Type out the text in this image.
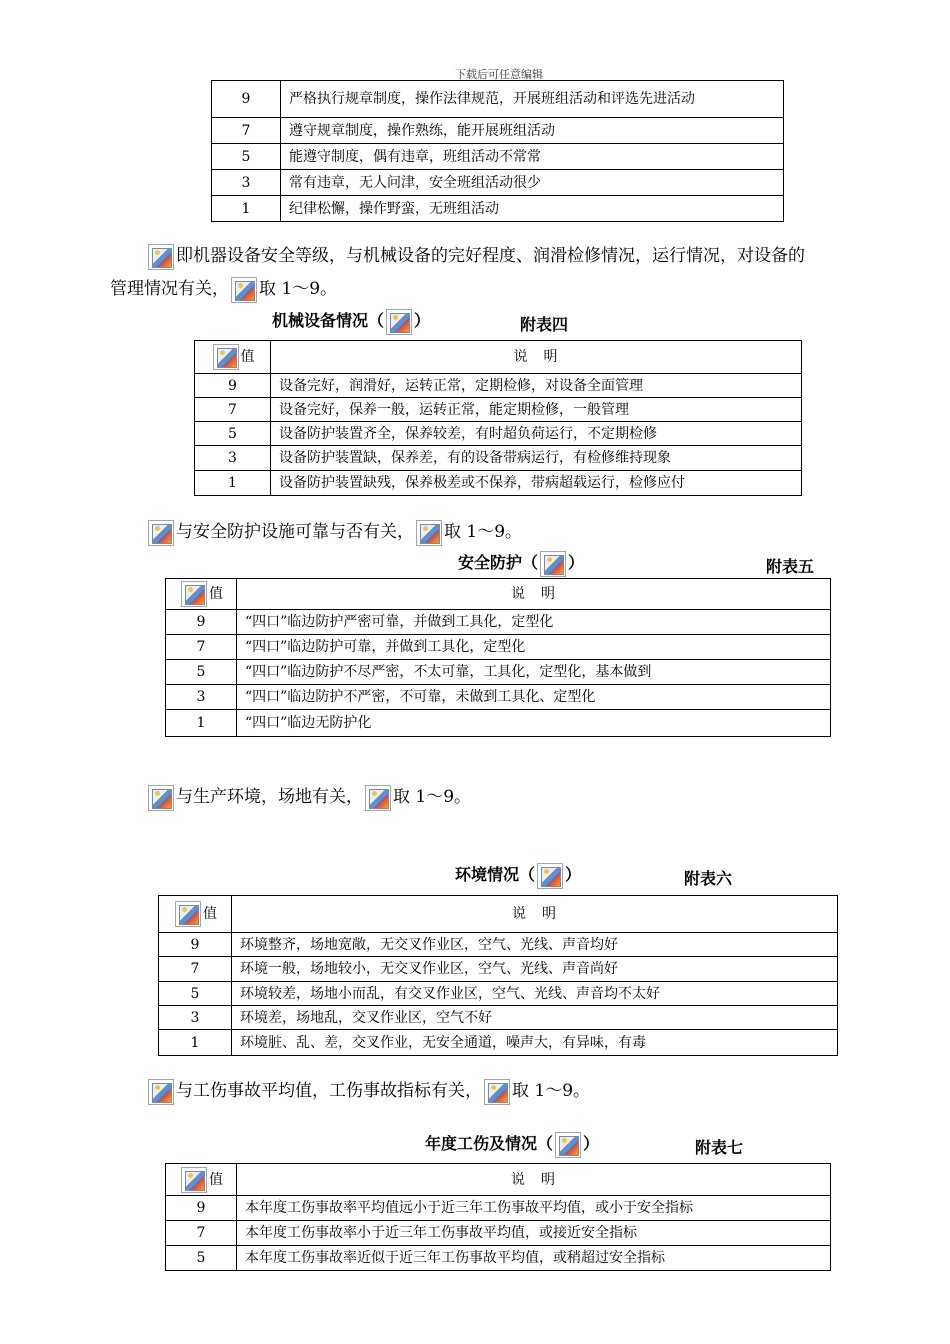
下载后可任意编辑
9	严格执行规章制度，操作法律规范，开展班组活动和评选先进活动
7	遵守规章制度，操作熟练，能开展班组活动
5	能遵守制度，偶有违章，班组活动不常常
3	常有违章，无人问津，安全班组活动很少
1	纪律松懈，操作野蛮，无班组活动
即机器设备安全等级，与机械设备的完好程度、润滑检修情况，运行情况，对设备的
管理情况有关， 取 1～9。
机械设备情况（ ）	附表四
值	说　明
9	设备完好，润滑好，运转正常，定期检修，对设备全面管理
7	设备完好，保养一般，运转正常，能定期检修，一般管理
5	设备防护装置齐全，保养较差，有时超负荷运行，不定期检修
3	设备防护装置缺，保养差，有的设备带病运行，有检修维持现象
1	设备防护装置缺残，保养极差或不保养，带病超载运行，检修应付
与安全防护设施可靠与否有关， 取 1～9。
安全防护（ ）	附表五
值	说　明
9	“四口”临边防护严密可靠，并做到工具化，定型化
7	“四口”临边防护可靠，并做到工具化，定型化
5	“四口”临边防护不尽严密，不太可靠，工具化，定型化，基本做到
3	“四口”临边防护不严密，不可靠，未做到工具化、定型化
1	“四口”临边无防护化
与生产环境，场地有关， 取 1～9。
环境情况（ ）	附表六
值	说　明
9	环境整齐，场地宽敞，无交叉作业区，空气、光线、声音均好
7	环境一般，场地较小，无交叉作业区，空气、光线、声音尚好
5	环境较差，场地小而乱，有交叉作业区，空气、光线、声音均不太好
3	环境差，场地乱，交叉作业区，空气不好
1	环境脏、乱、差，交叉作业，无安全通道，噪声大，有异味，有毒
与工伤事故平均值，工伤事故指标有关， 取 1～9。
年度工伤及情况（ ）	附表七
值	说　明
9	本年度工伤事故率平均值远小于近三年工伤事故平均值，或小于安全指标
7	本年度工伤事故率小于近三年工伤事故平均值，或接近安全指标
5	本年度工伤事故率近似于近三年工伤事故平均值，或稍超过安全指标
